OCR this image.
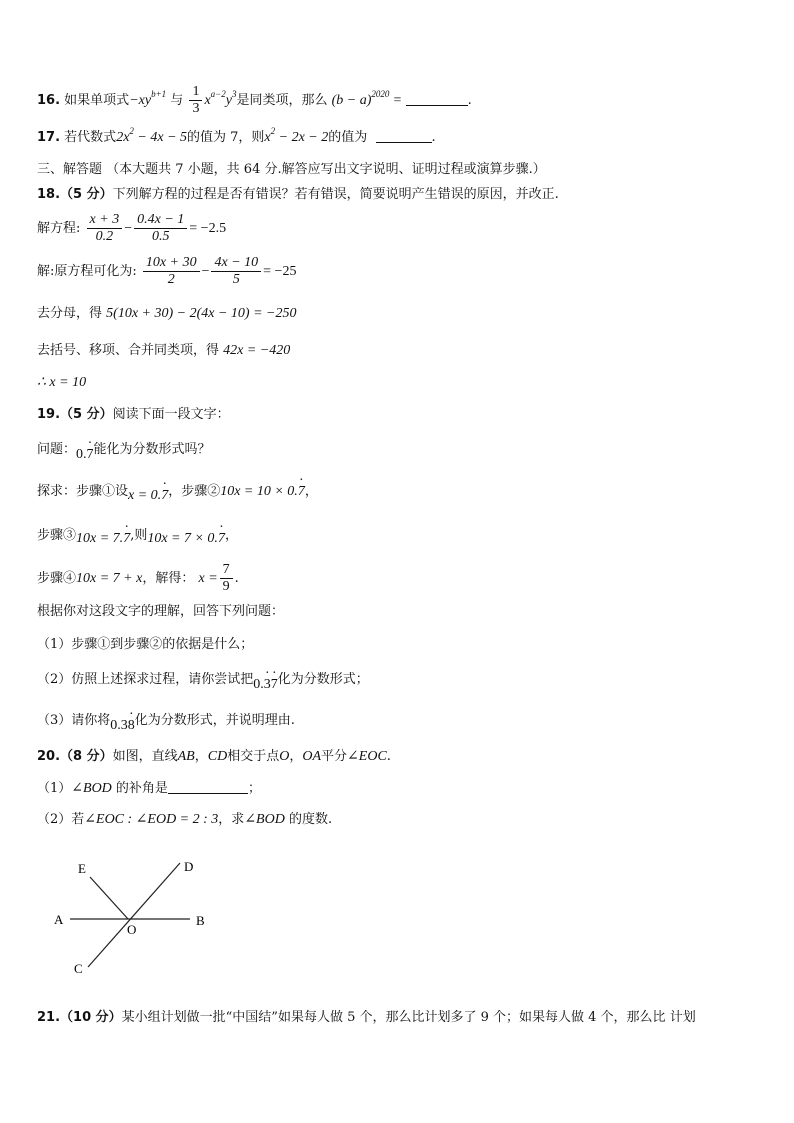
16. 如果单项式$-xy^{b+1}$ 与 $\frac{1}{3} x^{a-2}y^3$是同类项，那么 $(b - a)^{2020}$ =	.
17. 若代数式$2x^2 - 4x - 5$的值为 7，则$x^2 - 2x - 2$的值为	.
三、解答题 （本大题共 7 小题，共 64 分.解答应写出文字说明、证明过程或演算步骤.）
18.（5 分）下列解方程的过程是否有错误？若有错误，简要说明产生错误的原因，并改正.
解方程: $\frac{x + 3}{0.2} - \frac{0.4x - 1}{0.5} = -2.5$
解:原方程可化为: $\frac{10x + 30}{2} - \frac{4x - 10}{5} = -25$
去分母，得 5(10x + 30) − 2(4x − 10) = −250
去括号、移项、合并同类项，得 42x = −420
∴ x = 10
19.（5 分）阅读下面一段文字：
问题：0.· 7能化为分数形式吗？
探求：步骤①设x = 0.· 7，步骤②10x = 10 × 0.· 7，
步骤③10x = 7.· 7,则10x = 7 × 0.· 7，
步骤④10x = 7 + x，解得： $x = \frac{7}{9}$ .
根据你对这段文字的理解，回答下列问题：
（1）步骤①到步骤②的依据是什么；
（2）仿照上述探求过程，请你尝试把0.· 3· 7化为分数形式；
（3）请你将0.3· 8化为分数形式，并说明理由.
20.（8 分）如图，直线AB，CD相交于点O，OA平分∠EOC.
（1）∠BOD 的补角是	；
（2）若∠EOC : ∠EOD = 2 : 3，求∠BOD 的度数.
E	D
A
O
B
C
21.（10 分）某小组计划做一批“中国结”如果每人做 5 个，那么比计划多了 9 个；如果每人做 4 个，那么比 计划
